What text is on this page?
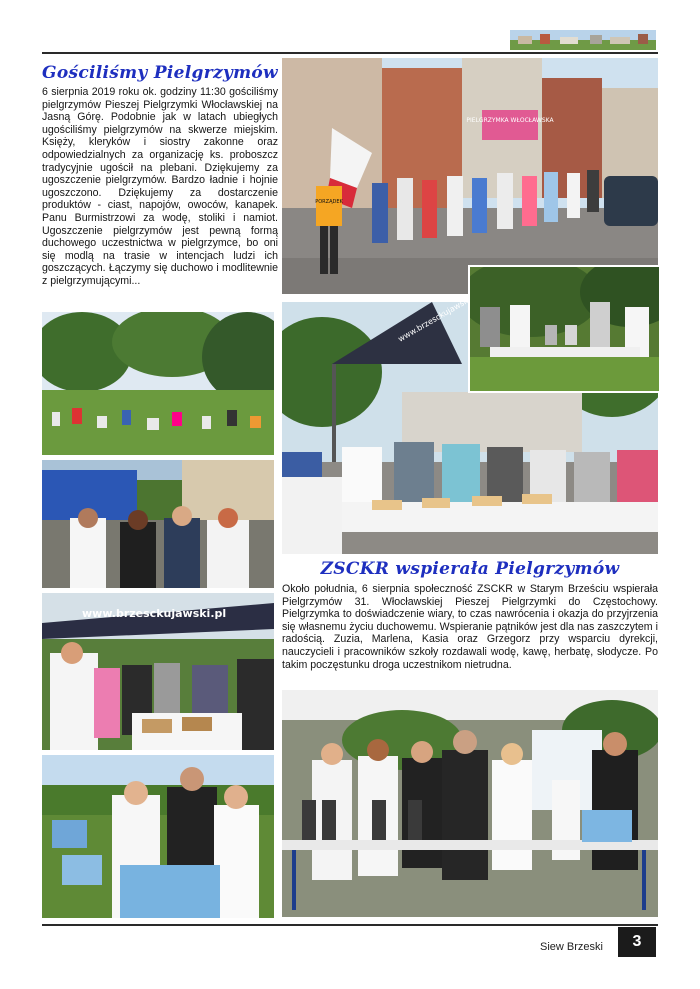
Gościliśmy Pielgrzymów

6 sierpnia 2019 roku ok. godziny 11:30 gościliśmy pielgrzymów Pieszej Pielgrzymki Włocławskiej na Jasną Górę. Podobnie jak w latach ubiegłych ugościliśmy pielgrzymów na skwerze miejskim. Księży, kleryków i siostry zakonne oraz odpowiedzialnych za organizację ks. proboszcz tradycyjnie ugościł na plebani. Dziękujemy za ugoszczenie pielgrzymów. Bardzo ładnie i hojnie ugoszczono. Dziękujemy za dostarczenie produktów - ciast, napojów, owoców, kanapek. Panu Burmistrzowi za wodę, stoliki i namiot. Ugoszczenie pielgrzymów jest pewną formą duchowego uczestnictwa w pielgrzymce, bo oni się modlą na trasie w intencjach ludzi ich goszczących. Łączymy się duchowo i modlitewnie z pielgrzymującymi...

PIELGRZYMKA WŁOCŁAWSKA
PORZĄDEK
www.brzesckujawski.pl
ZSCKR wspierała Pielgrzymów

Około południa, 6 sierpnia społeczność ZSCKR w Starym Brześciu wspierała Pielgrzymów 31. Włocławskiej Pieszej Pielgrzymki do Częstochowy. Pielgrzymka to doświadczenie wiary, to czas nawrócenia i okazja do przyjrzenia się własnemu życiu duchowemu. Wspieranie pątników jest dla nas zaszczytem i radością. Zuzia, Marlena, Kasia oraz Grzegorz przy wsparciu dyrekcji, nauczycieli i pracowników szkoły rozdawali wodę, kawę, herbatę, słodycze. Po takim poczęstunku droga uczestnikom nietrudna.

Siew Brzeski	3
